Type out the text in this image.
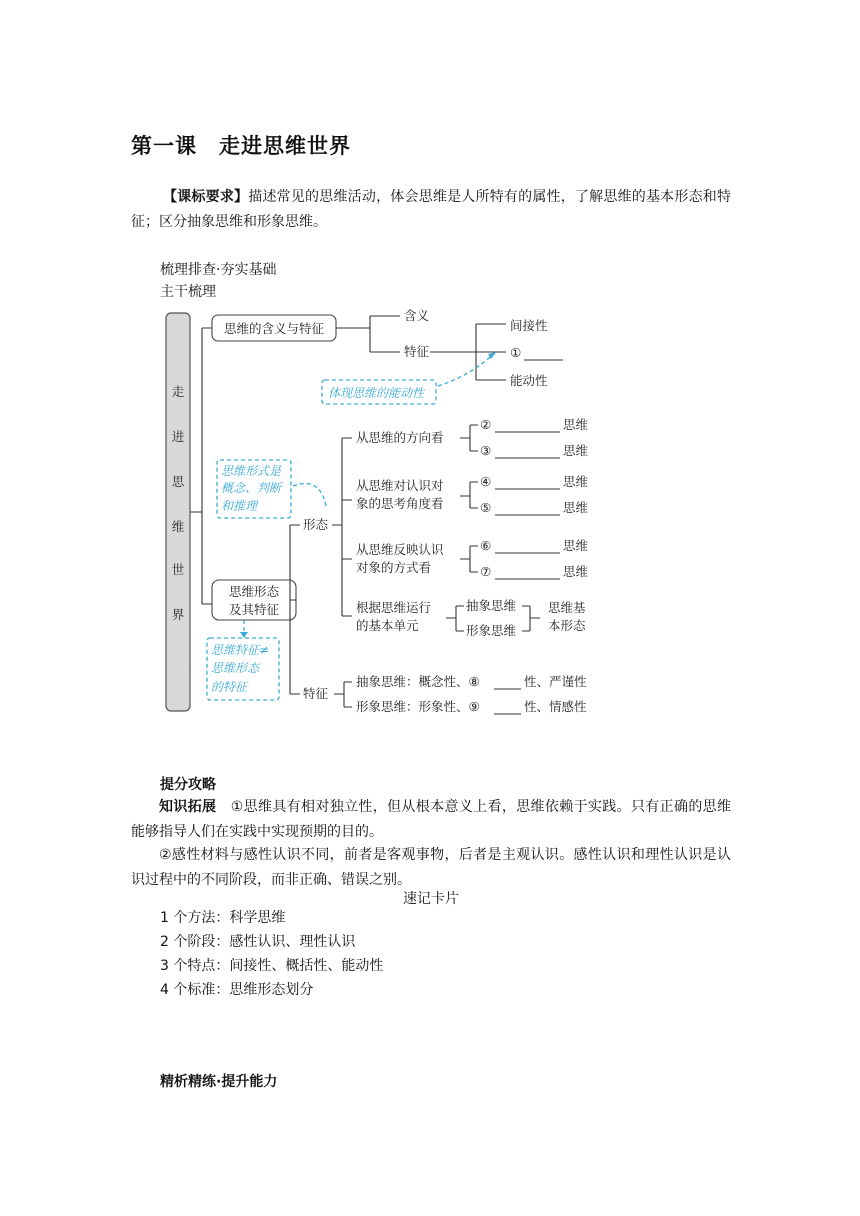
第一课　走进思维世界
【课标要求】描述常见的思维活动，体会思维是人所特有的属性，了解思维的基本形态和特征；区分抽象思维和形象思维。
梳理排查·夯实基础
主干梳理
走
进
思
维
世
界
思维的含义与特征
含义
特征
间接性
①
能动性
体现思维的能动性
思维形态
及其特征
思维形式是
概念、判断
和推理
思维特征≠
思维形态
的特征
形态
特征
从思维的方向看
②	思维
③	思维
从思维对认识对
象的思考角度看
④	思维
⑤	思维
从思维反映认识
对象的方式看
⑥	思维
⑦	思维
根据思维运行
的基本单元
抽象思维
形象思维
思维基
本形态
抽象思维：概念性、⑧	性、严谨性
形象思维：形象性、⑨	性、情感性
提分攻略
知识拓展　 ①思维具有相对独立性，但从根本意义上看，思维依赖于实践。只有正确的思维能够指导人们在实践中实现预期的目的。
②感性材料与感性认识不同，前者是客观事物，后者是主观认识。感性认识和理性认识是认识过程中的不同阶段，而非正确、错误之别。
速记卡片
1 个方法：科学思维
2 个阶段：感性认识、理性认识
3 个特点：间接性、概括性、能动性
4 个标准：思维形态划分
精析精练·提升能力
